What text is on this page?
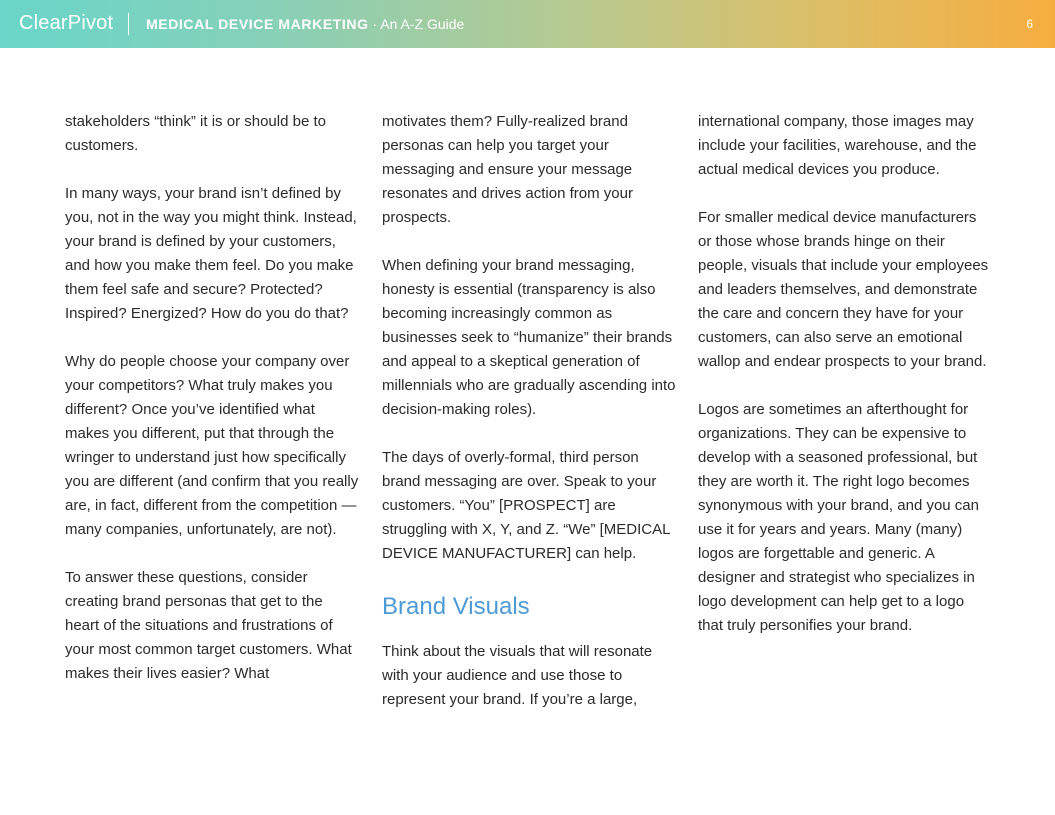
ClearPivot MEDICAL DEVICE MARKETING · An A-Z Guide	6

stakeholders “think” it is or should be to customers.

In many ways, your brand isn’t defined by you, not in the way you might think. Instead, your brand is defined by your customers, and how you make them feel. Do you make them feel safe and secure? Protected? Inspired? Energized? How do you do that?

Why do people choose your company over your competitors? What truly makes you different? Once you’ve identified what makes you different, put that through the wringer to understand just how specifically you are different (and confirm that you really are, in fact, different from the competition — many companies, unfortunately, are not).

To answer these questions, consider creating brand personas that get to the heart of the situations and frustrations of your most common target customers. What makes their lives easier? What

motivates them? Fully-realized brand personas can help you target your messaging and ensure your message resonates and drives action from your prospects.

When defining your brand messaging, honesty is essential (transparency is also becoming increasingly common as businesses seek to “humanize” their brands and appeal to a skeptical generation of millennials who are gradually ascending into decision-making roles).

The days of overly-formal, third person brand messaging are over. Speak to your customers. “You” [PROSPECT] are struggling with X, Y, and Z. “We” [MEDICAL DEVICE MANUFACTURER] can help.

Brand Visuals

Think about the visuals that will resonate with your audience and use those to represent your brand. If you’re a large,

international company, those images may include your facilities, warehouse, and the actual medical devices you produce.

For smaller medical device manufacturers or those whose brands hinge on their people, visuals that include your employees and leaders themselves, and demonstrate the care and concern they have for your customers, can also serve an emotional wallop and endear prospects to your brand.

Logos are sometimes an afterthought for organizations. They can be expensive to develop with a seasoned professional, but they are worth it. The right logo becomes synonymous with your brand, and you can use it for years and years. Many (many) logos are forgettable and generic. A designer and strategist who specializes in logo development can help get to a logo that truly personifies your brand.
